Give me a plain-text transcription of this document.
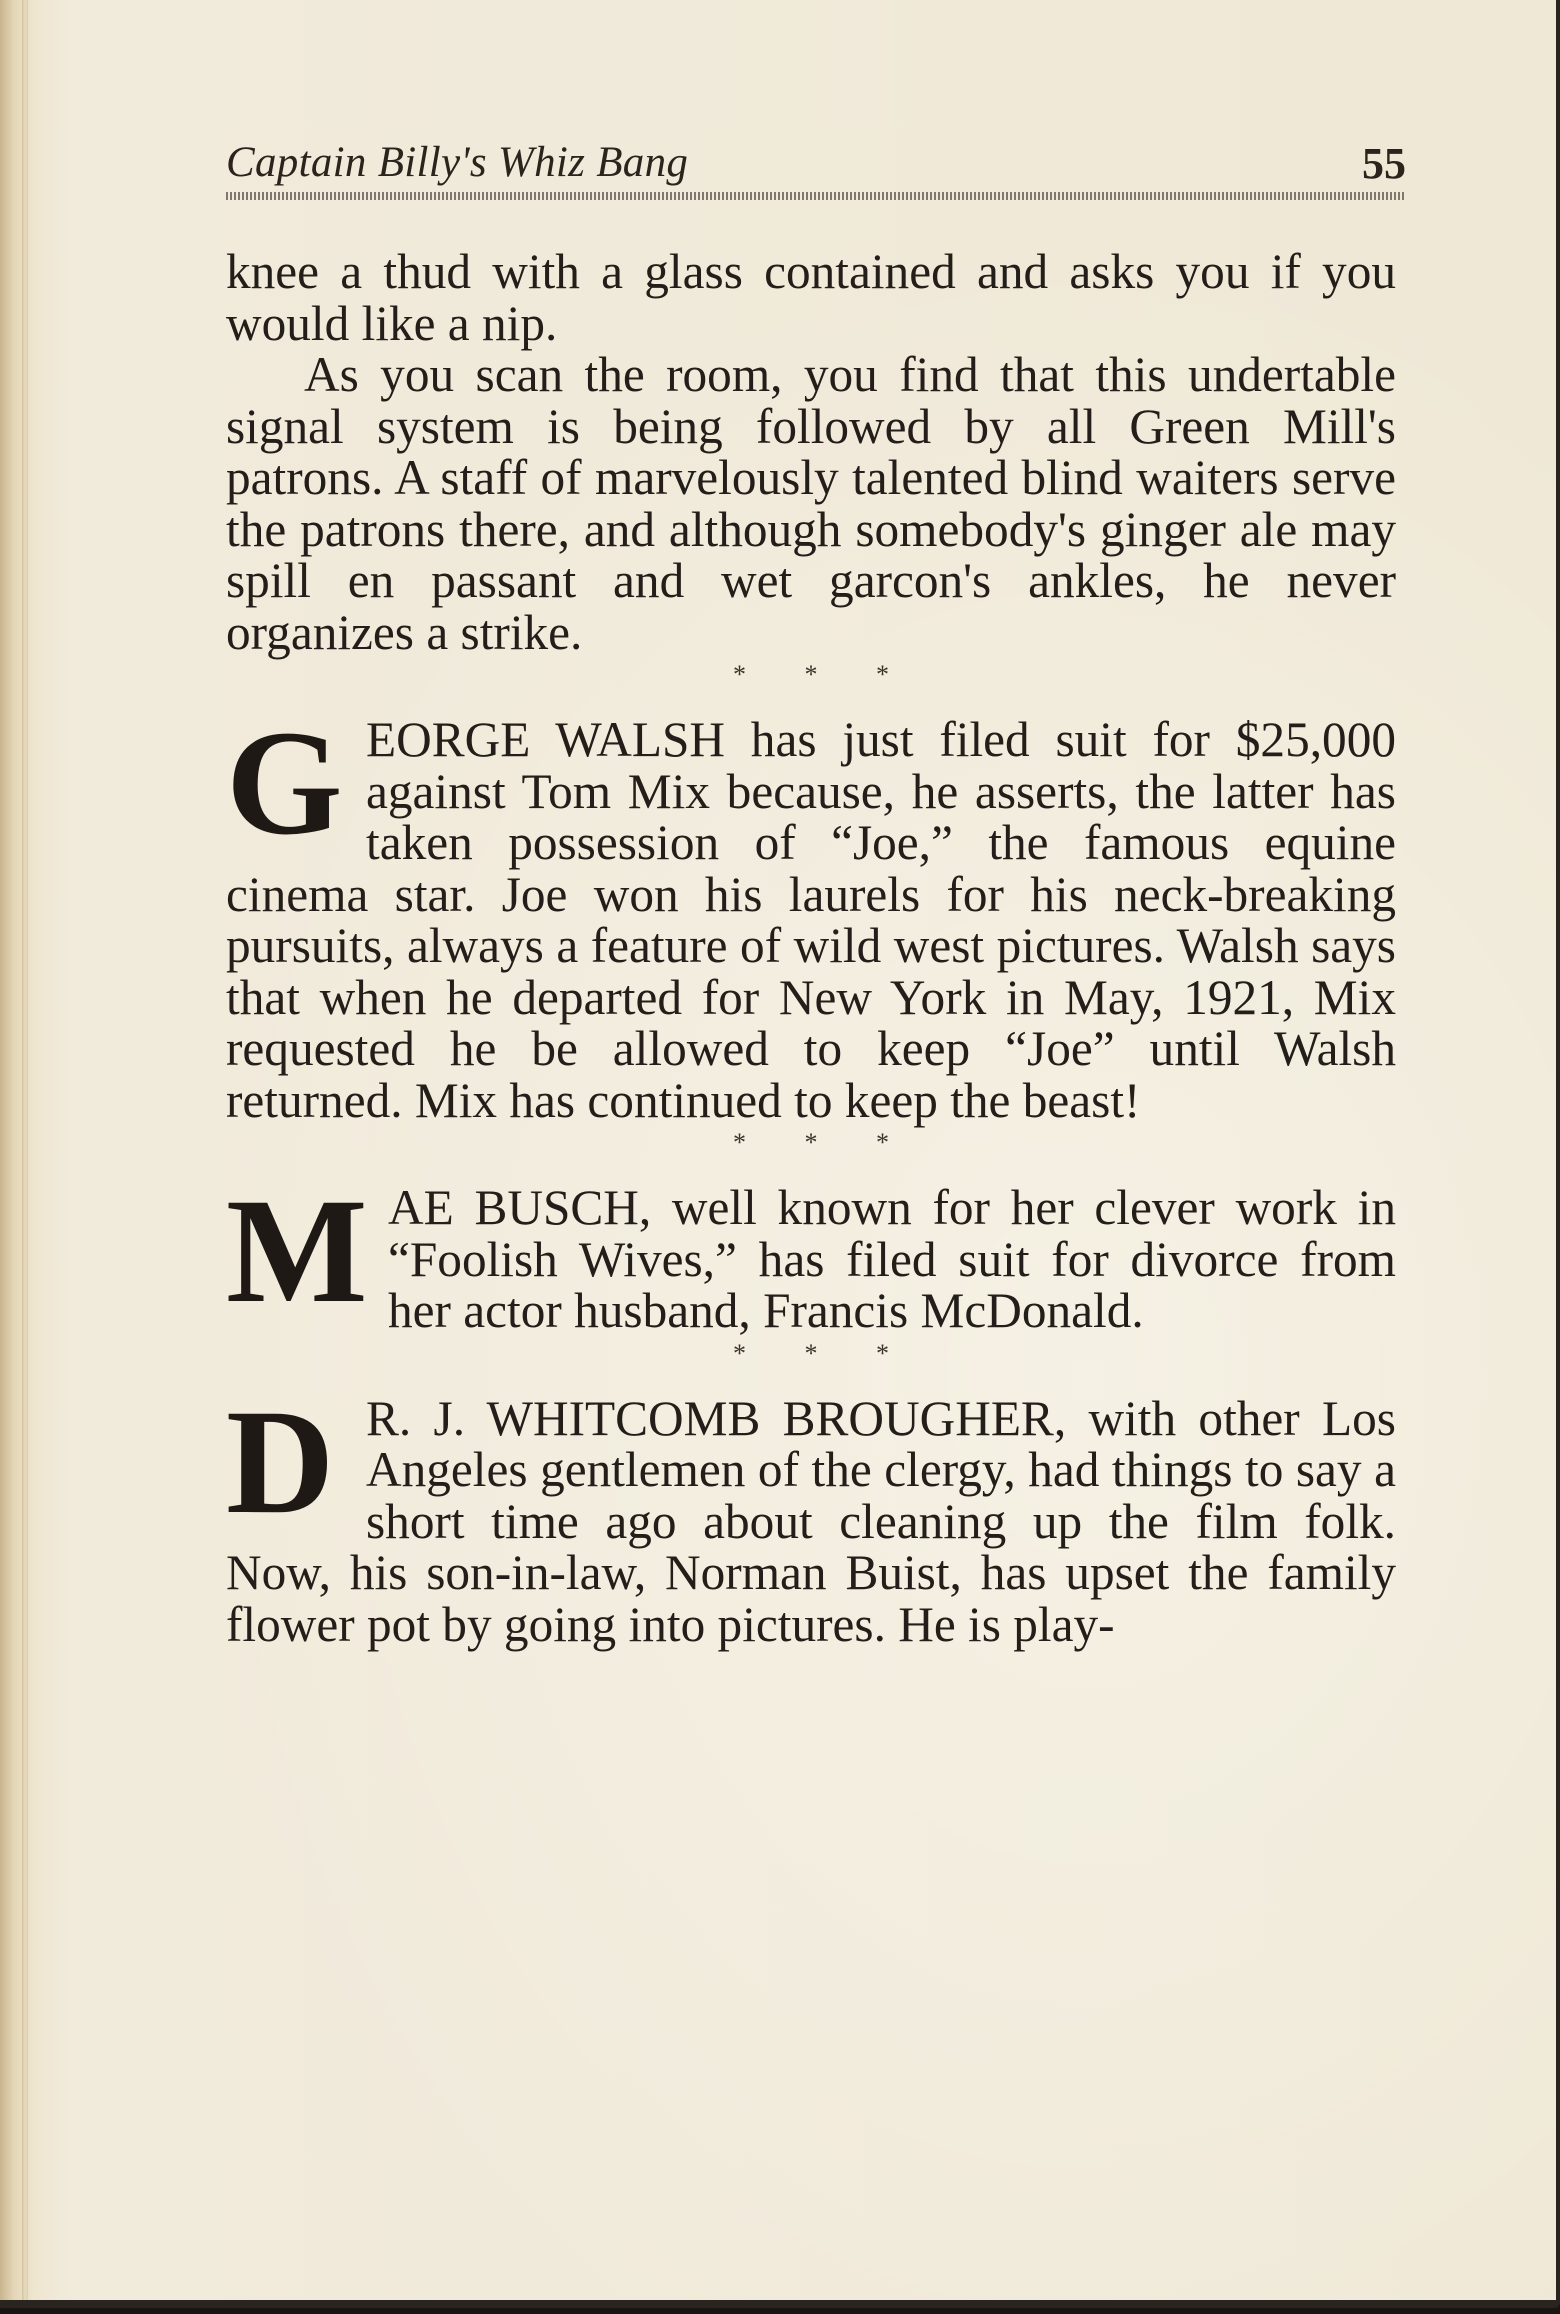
Captain Billy's Whiz Bang	55

knee a thud with a glass contained and asks you if you would like a nip.

As you scan the room, you find that this undertable signal system is being followed by all Green Mill's patrons. A staff of marvelously talented blind waiters serve the patrons there, and although somebody's ginger ale may spill en passant and wet garcon's ankles, he never organizes a strike.

* * *

G EORGE WALSH has just filed suit for $25,000 against Tom Mix because, he asserts, the latter has taken possession of “Joe,” the famous equine cinema star. Joe won his laurels for his neck-breaking pursuits, always a feature of wild west pictures. Walsh says that when he departed for New York in May, 1921, Mix requested he be allowed to keep “Joe” until Walsh returned. Mix has continued to keep the beast!

* * *

M AE BUSCH, well known for her clever work in “Foolish Wives,” has filed suit for divorce from her actor husband, Francis McDonald.

* * *

D R. J. WHITCOMB BROUGHER, with other Los Angeles gentlemen of the clergy, had things to say a short time ago about cleaning up the film folk. Now, his son-in-law, Norman Buist, has upset the family flower pot by going into pictures. He is play-
